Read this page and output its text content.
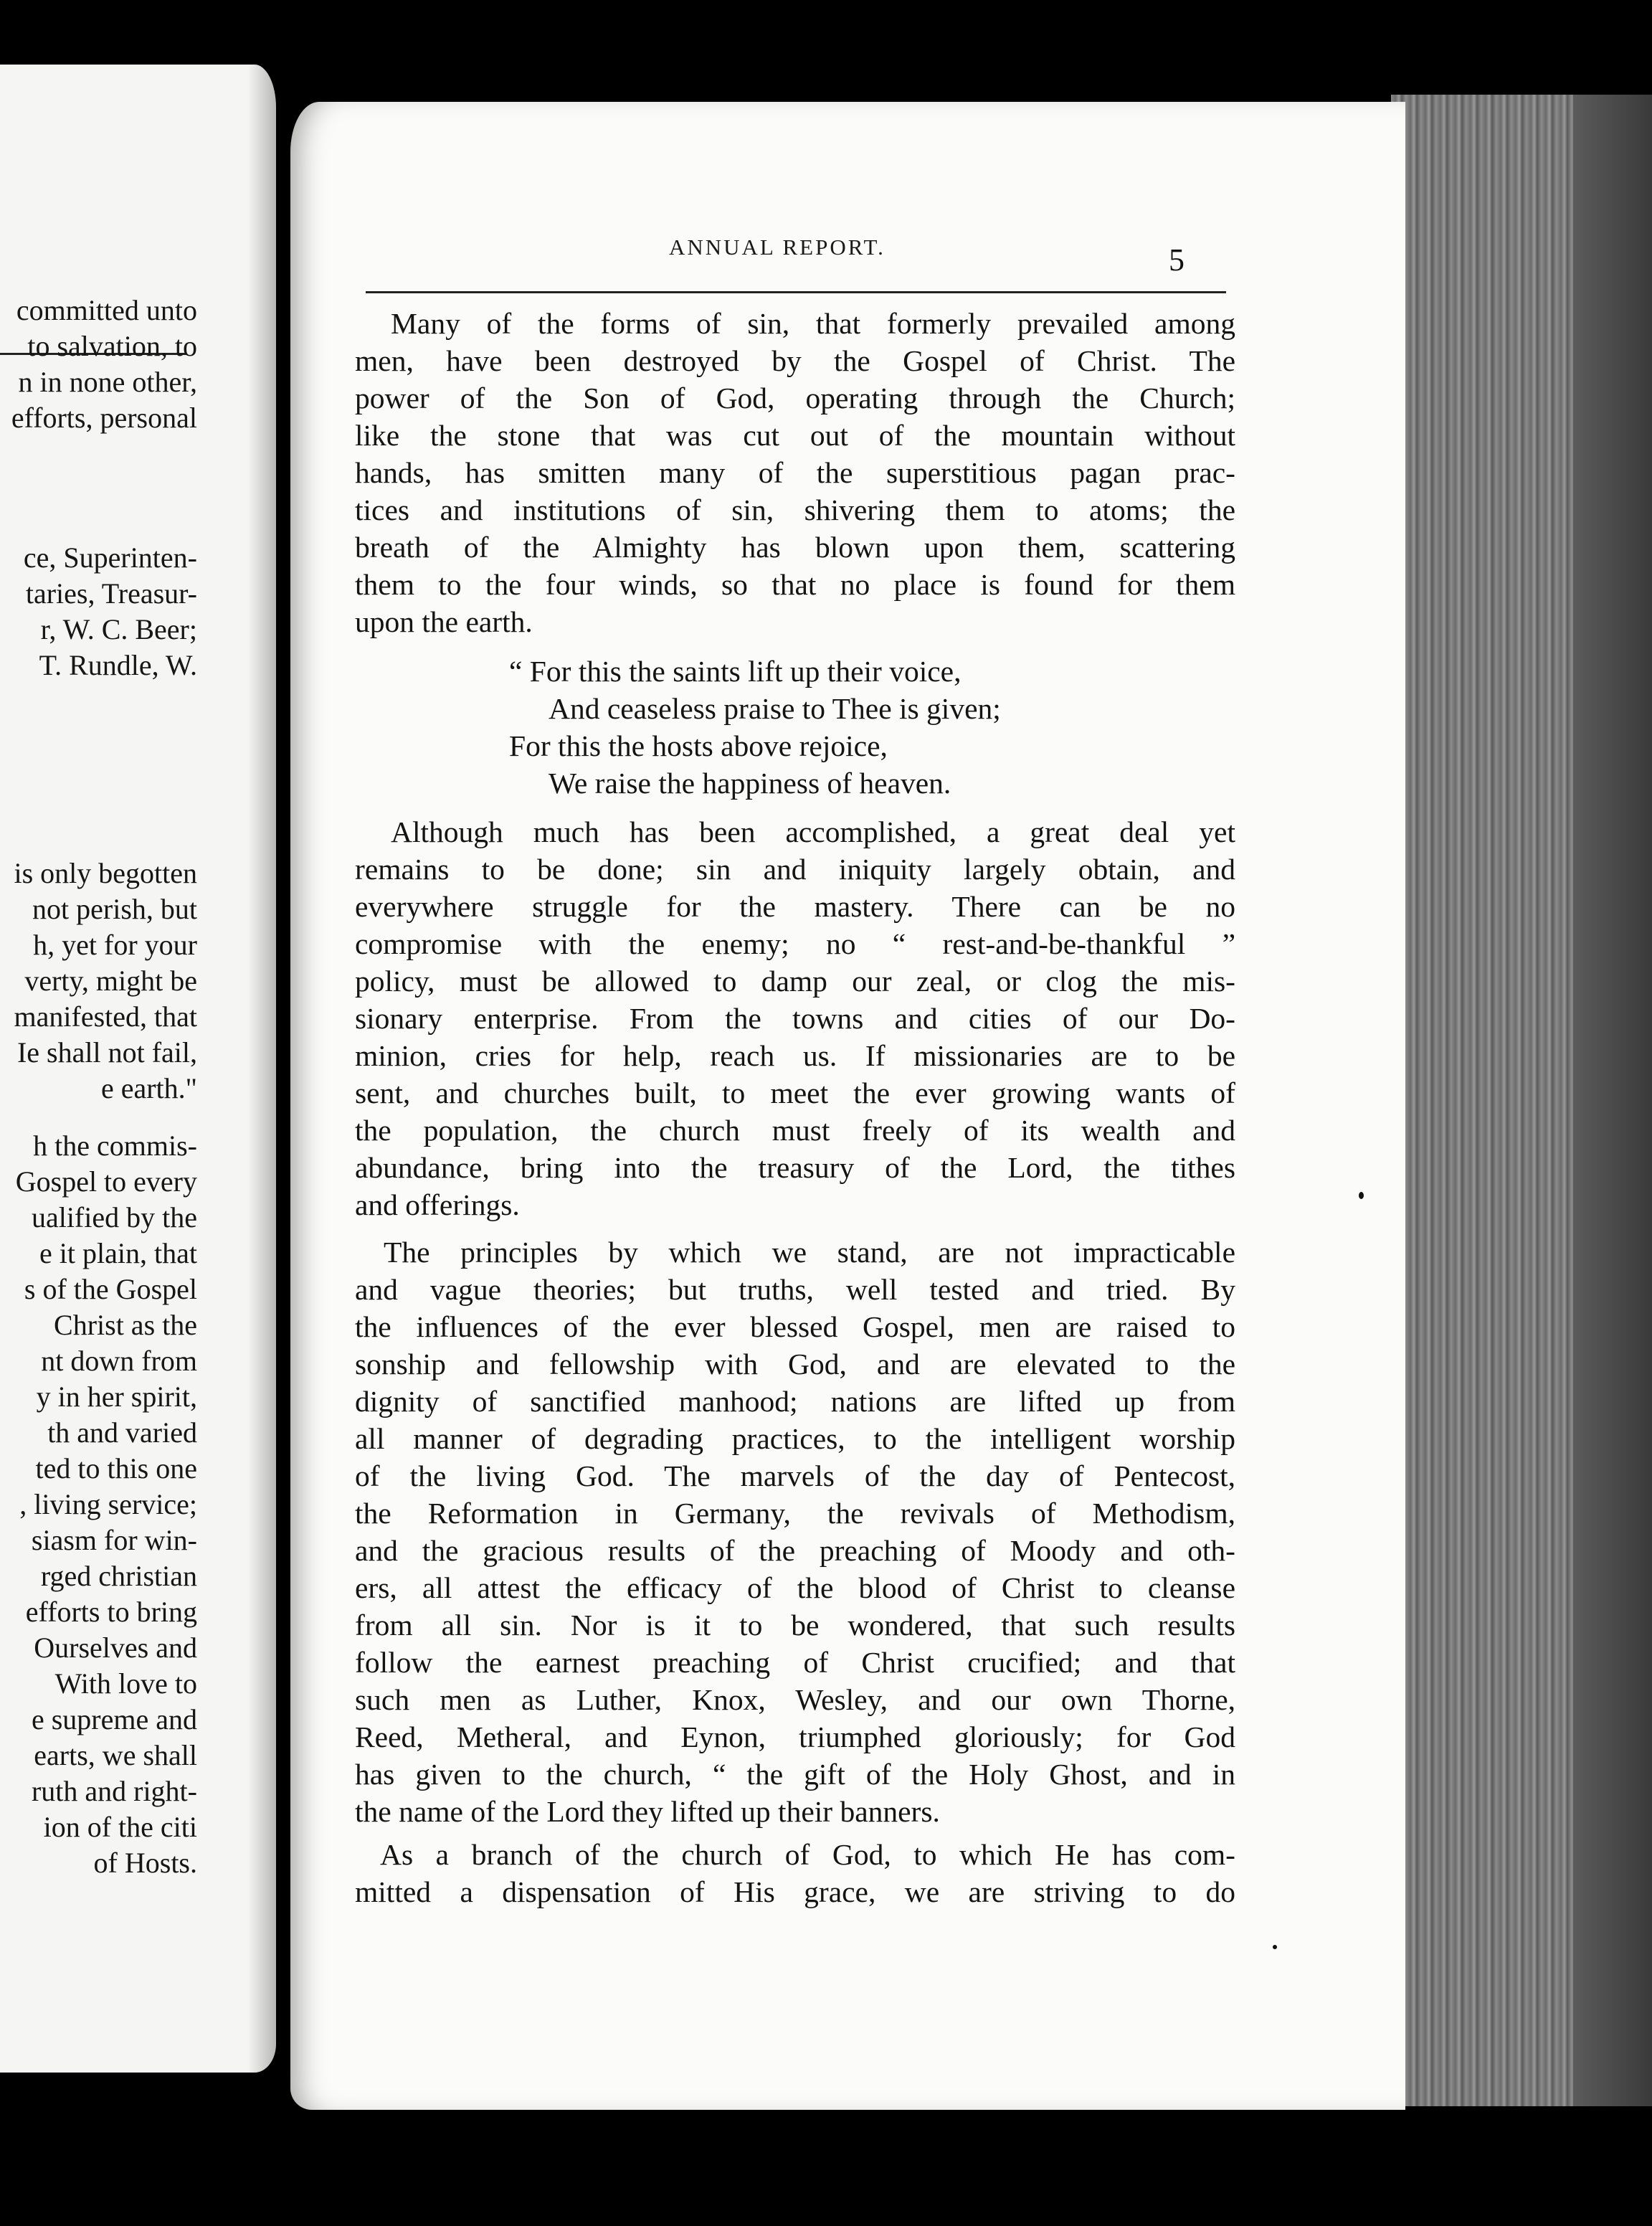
committed unto
to salvation, to
n in none other,
efforts, personal
ce, Superinten-
taries, Treasur-
r, W. C. Beer;
T. Rundle, W.
is only begotten
not perish, but
h, yet for your
verty, might be
manifested, that
Ie shall not fail,
e earth."
h the commis-
Gospel to every
ualified by the
e it plain, that
s of the Gospel
Christ as the
nt down from
y in her spirit,
th and varied
ted to this one
, living service;
siasm for win-
rged christian
efforts to bring
Ourselves and
With love to
e supreme and
earts, we shall
ruth and right-
ion of the citi
of Hosts.
ANNUAL REPORT.	5
Many of the forms of sin, that formerly prevailed among
men, have been destroyed by the Gospel of Christ. The
power of the Son of God, operating through the Church;
like the stone that was cut out of the mountain without
hands, has smitten many of the superstitious pagan prac-
tices and institutions of sin, shivering them to atoms; the
breath of the Almighty has blown upon them, scattering
them to the four winds, so that no place is found for them
upon the earth.
“ For this the saints lift up their voice,
And ceaseless praise to Thee is given;
For this the hosts above rejoice,
We raise the happiness of heaven.
Although much has been accomplished, a great deal yet
remains to be done; sin and iniquity largely obtain, and
everywhere struggle for the mastery. There can be no
compromise with the enemy; no “ rest-and-be-thankful ”
policy, must be allowed to damp our zeal, or clog the mis-
sionary enterprise. From the towns and cities of our Do-
minion, cries for help, reach us. If missionaries are to be
sent, and churches built, to meet the ever growing wants of
the population, the church must freely of its wealth and
abundance, bring into the treasury of the Lord, the tithes
and offerings.
The principles by which we stand, are not impracticable
and vague theories; but truths, well tested and tried. By
the influences of the ever blessed Gospel, men are raised to
sonship and fellowship with God, and are elevated to the
dignity of sanctified manhood; nations are lifted up from
all manner of degrading practices, to the intelligent worship
of the living God. The marvels of the day of Pentecost,
the Reformation in Germany, the revivals of Methodism,
and the gracious results of the preaching of Moody and oth-
ers, all attest the efficacy of the blood of Christ to cleanse
from all sin. Nor is it to be wondered, that such results
follow the earnest preaching of Christ crucified; and that
such men as Luther, Knox, Wesley, and our own Thorne,
Reed, Metheral, and Eynon, triumphed gloriously; for God
has given to the church, “ the gift of the Holy Ghost, and in
the name of the Lord they lifted up their banners.
As a branch of the church of God, to which He has com-
mitted a dispensation of His grace, we are striving to do
